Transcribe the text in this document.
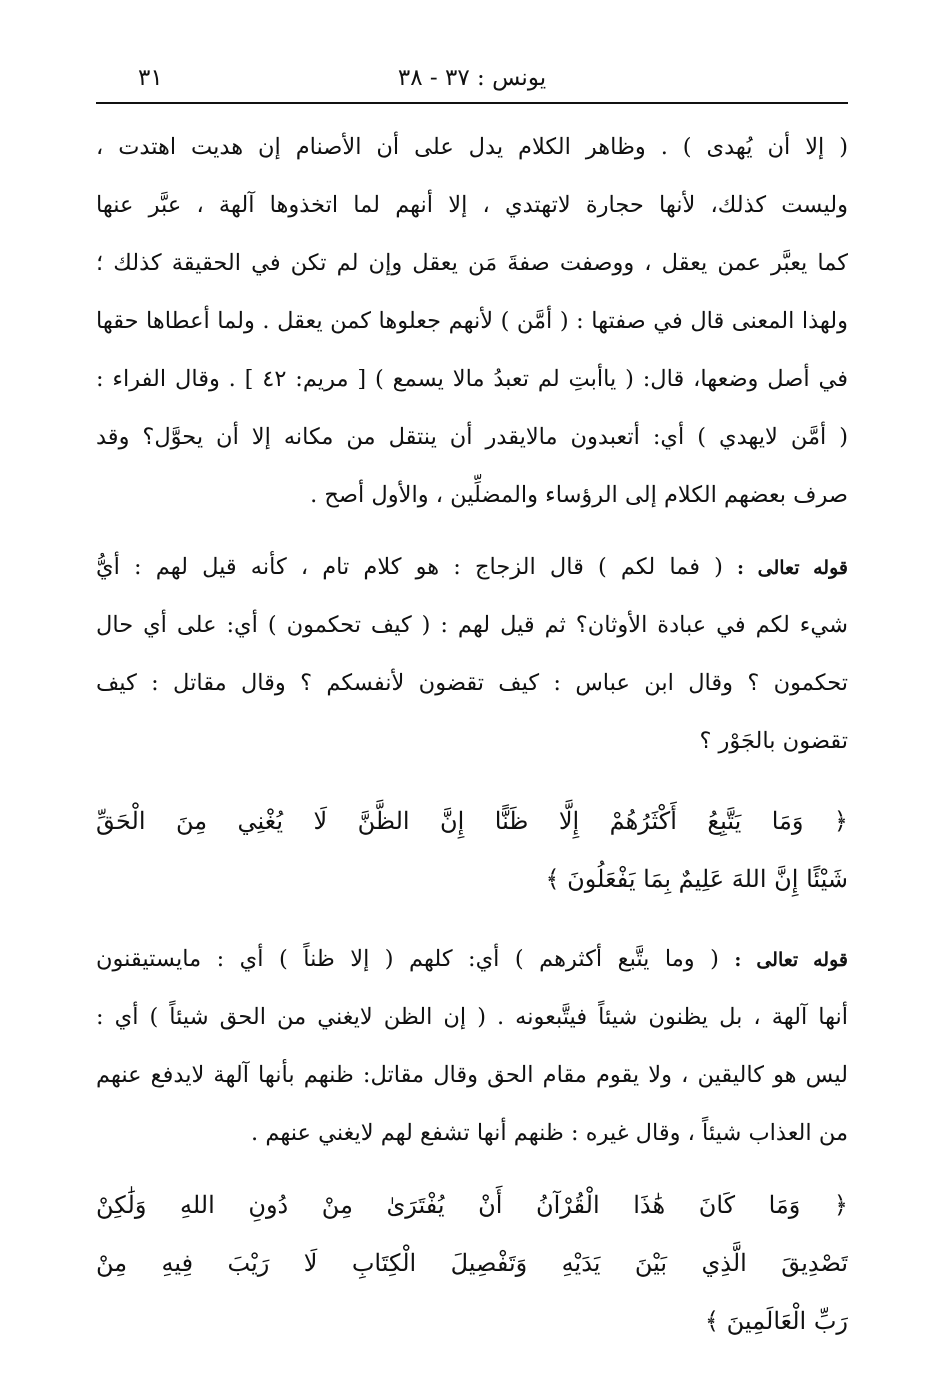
٣١	يونس : ٣٧ - ٣٨
( إلا أن يُهدى ) . وظاهر الكلام يدل على أن الأصنام إن هديت اهتدت ،
وليست كذلك، لأنها حجارة لاتهتدي ، إلا أنهم لما اتخذوها آلهة ، عبَّر عنها
كما يعبَّر عمن يعقل ، ووصفت صفةَ مَن يعقل وإن لم تكن في الحقيقة كذلك ؛
ولهذا المعنى قال في صفتها : ( أمَّن ) لأنهم جعلوها كمن يعقل . ولما أعطاها حقها
في أصل وضعها، قال: ( ياأبتِ لم تعبدُ مالا يسمع ) [ مريم: ٤٢ ] . وقال الفراء :
( أمَّن لايهدي ) أي: أتعبدون مالايقدر أن ينتقل من مكانه إلا أن يحوَّل؟ وقد
صرف بعضهم الكلام إلى الرؤساء والمضلِّين ، والأول أصح .
قوله تعالى : ( فما لكم ) قال الزجاج : هو كلام تام ، كأنه قيل لهم : أيُّ
شيء لكم في عبادة الأوثان؟ ثم قيل لهم : ( كيف تحكمون ) أي: على أي حال
تحكمون ؟ وقال ابن عباس : كيف تقضون لأنفسكم ؟ وقال مقاتل : كيف
تقضون بالجَوْر ؟
﴿ وَمَا يَتَّبِعُ أَكْثَرُهُمْ إِلَّا ظَنًّا إِنَّ الظَّنَّ لَا يُغْنِي مِنَ الْحَقِّ
شَيْئًا إِنَّ اللهَ عَلِيمٌ بِمَا يَفْعَلُونَ ﴾
قوله تعالى : ( وما يتَّبع أكثرهم ) أي: كلهم ( إلا ظناً ) أي : مايستيقنون
أنها آلهة ، بل يظنون شيئاً فيتَّبعونه . ( إن الظن لايغني من الحق شيئاً ) أي :
ليس هو كاليقين ، ولا يقوم مقام الحق وقال مقاتل: ظنهم بأنها آلهة لايدفع عنهم
من العذاب شيئاً ، وقال غيره : ظنهم أنها تشفع لهم لايغني عنهم .
﴿ وَمَا كَانَ هَٰذَا الْقُرْآنُ أَنْ يُفْتَرَىٰ مِنْ دُونِ اللهِ وَلَٰكِنْ
تَصْدِيقَ الَّذِي بَيْنَ يَدَيْهِ وَتَفْصِيلَ الْكِتَابِ لَا رَيْبَ فِيهِ مِنْ
رَبِّ الْعَالَمِينَ ﴾
